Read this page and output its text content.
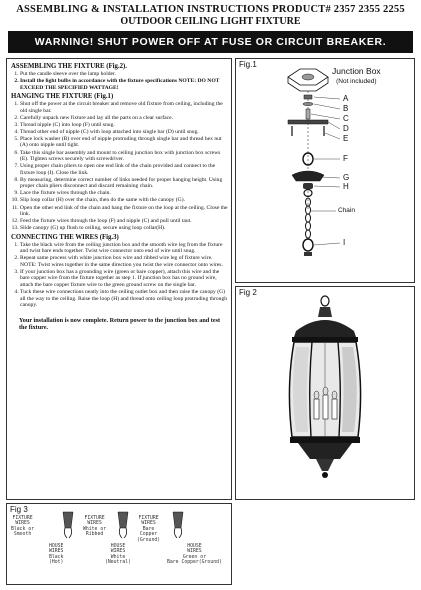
ASSEMBLING & INSTALLATION INSTRUCTIONS PRODUCT# 2357 2355 2255
OUTDOOR CEILING LIGHT FIXTURE
WARNING! SHUT POWER OFF AT FUSE OR CIRCUIT BREAKER.
ASSEMBLING THE FIXTURE (Fig.2).
1. Put the candle sleeve over the lamp holder.
2. Install the light bulbs in accordance with the fixture specifications NOTE: DO NOT EXCEED THE SPECIFIED WATTAGE!
HANGING THE FIXTURE (Fig.1)
1. Shut off the power at the circuit breaker and remove old fixture from ceiling, including the old single bar.
2. Carefully unpack new fixture and lay all the parts on a clear surface.
3. Thread nipple (C) into loop (F) until snug.
4. Thread other end of nipple (C) with loop attached into single bar (D) until snug.
5. Place lock washer (B) over end of nipple protruding through single bar and thread hex nut (A) onto nipple until tight.
6. Take this single bar assembly and mount to ceiling junction box with junction box screws (E). Tighten screws securely with screwdriver.
7. Using proper chain pliers to open one end link of the chain provided and connect to the fixture loop (I). Close the link.
8. By measuring, determine correct number of links needed for proper hanging height. Using proper chain pliers disconnect and discard remaining chain.
9. Lace the fixture wires through the chain.
10. Slip loop collar (H) over the chain, then do the same with the canopy (G).
11. Open the other end link of the chain and hang the fixture on the loop at the ceiling. Close the link.
12. Feed the fixture wires through the loop (F) and nipple (C) and pull until taut.
13. Slide canopy (G) up flush to ceiling, secure using loop collar(H).
CONNECTING THE WIRES (Fig.3)
1. Take the black wire from the ceiling junction box and the smooth wire leg from the fixture and twist bare ends together. Twist wire connector onto end of wire until snug.
2. Repeat same process with white junction box wire and ribbed wire leg of fixture wire. NOTE: Twist wires together in the same direction you twist the wire connector onto wires.
3. If your junction box has a grounding wire (green or bare copper), attach this wire and the bare copper wire from the fixture together as step 1. If junction box has no ground wire, attach the bare copper fixture wire to the green ground screw on the single bar.
4. Tuck these wire connections neatly into the ceiling outlet box and then raise the canopy (G) all the way to the ceiling. Raise the loop (H) and thread onto ceiling loop protruding through canopy.
Your installation is now complete. Return power to the junction box and test the fixture.
Fig.1
Junction Box
(Not included)
A
B
C
D
E
F
G
H
Chain
I
Fig 2
Fig 3
FIXTURE
WIRES
Black or
Smooth
HOUSE
WIRES
Black
(Hot)
FIXTURE
WIRES
White or
Ribbed
HOUSE
WIRES
White
(Neutral)
FIXTURE
WIRES
Bare
Copper
(Ground)
HOUSE
WIRES
Green or
Bare Copper(Ground)
